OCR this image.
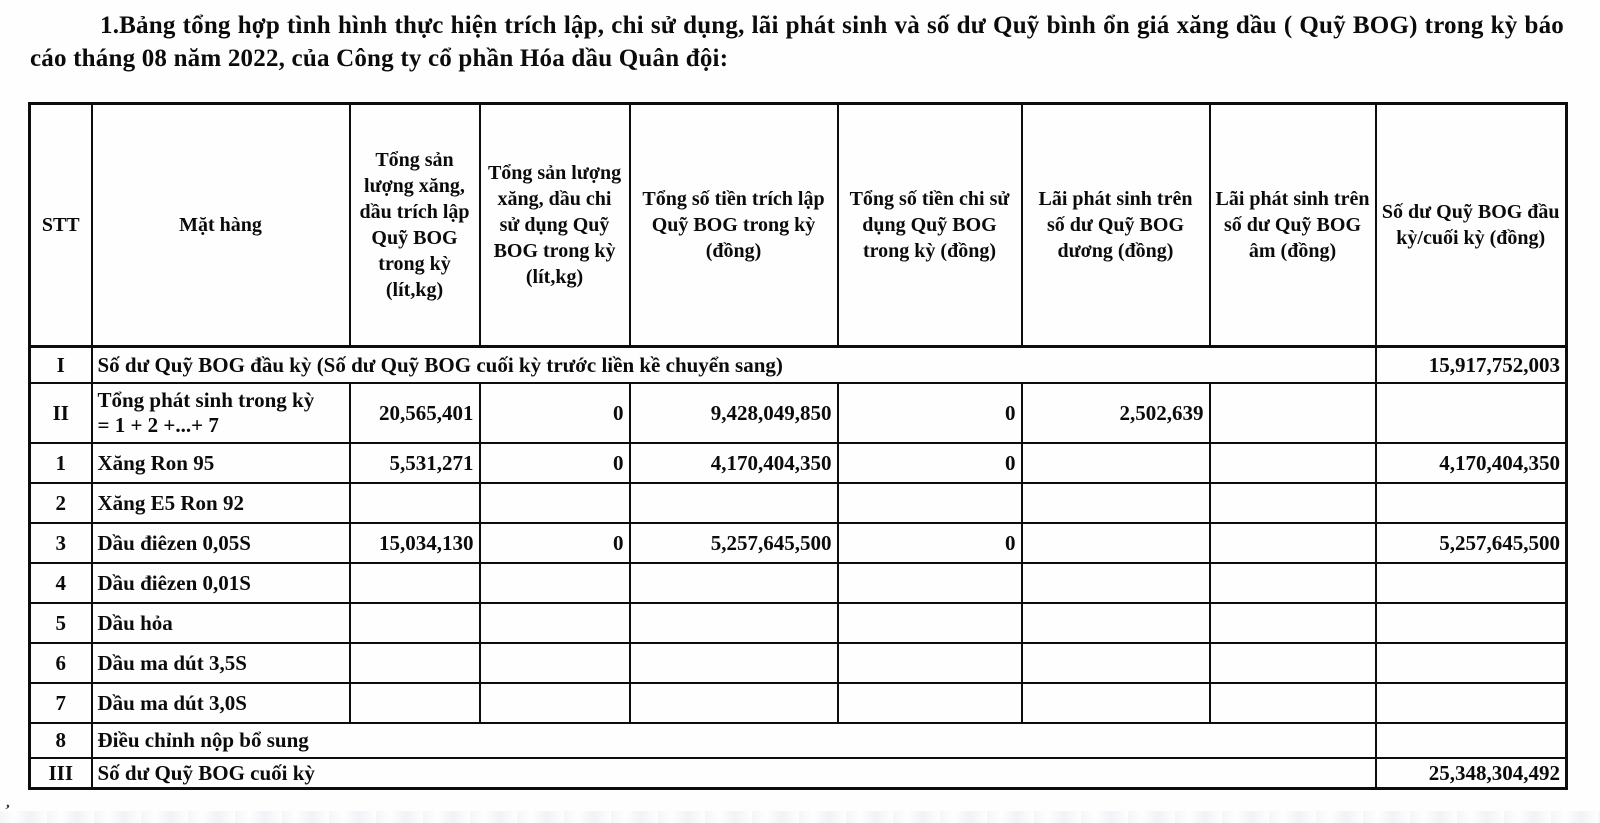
1.Bảng tổng hợp tình hình thực hiện trích lập, chi sử dụng, lãi phát sinh và số dư Quỹ bình ổn giá xăng dầu ( Quỹ BOG) trong kỳ báo cáo tháng 08 năm 2022, của Công ty cổ phần Hóa dầu Quân đội:

STT	Mặt hàng	Tổng sản lượng xăng, dầu trích lập Quỹ BOG trong kỳ (lít,kg)	Tổng sản lượng xăng, dầu chi sử dụng Quỹ BOG trong kỳ (lít,kg)	Tổng số tiền trích lập Quỹ BOG trong kỳ (đồng)	Tổng số tiền chi sử dụng Quỹ BOG trong kỳ (đồng)	Lãi phát sinh trên số dư Quỹ BOG dương (đồng)	Lãi phát sinh trên số dư Quỹ BOG âm (đồng)	Số dư Quỹ BOG đầu kỳ/cuối kỳ (đồng)
I	Số dư Quỹ BOG đầu kỳ (Số dư Quỹ BOG cuối kỳ trước liền kề chuyển sang)							15,917,752,003
II	Tổng phát sinh trong kỳ
= 1 + 2 +...+ 7	20,565,401	0	9,428,049,850	0	2,502,639		
1	Xăng Ron 95	5,531,271	0	4,170,404,350	0			4,170,404,350
2	Xăng E5 Ron 92							
3	Dầu điêzen 0,05S	15,034,130	0	5,257,645,500	0			5,257,645,500
4	Dầu điêzen 0,01S							
5	Dầu hỏa							
6	Dầu ma dút 3,5S							
7	Dầu ma dút 3,0S							
8	Điều chỉnh nộp bổ sung							
III	Số dư Quỹ BOG cuối kỳ							25,348,304,492
‚
